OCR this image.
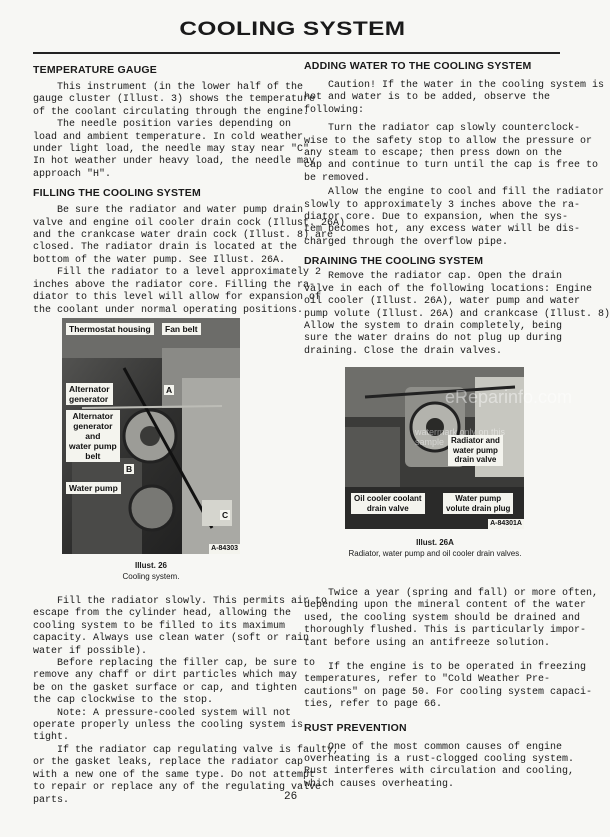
COOLING SYSTEM
TEMPERATURE GAUGE

This instrument (in the lower half of the
gauge cluster (Illust. 3) shows the temperature
of the coolant circulating through the engine.

The needle position varies depending on
load and ambient temperature. In cold weather
under light load, the needle may stay near "C".
In hot weather under heavy load, the needle may
approach "H".

FILLING THE COOLING SYSTEM

Be sure the radiator and water pump drain
valve and engine oil cooler drain cock (Illust. 26A)
and the crankcase water drain cock (Illust. 8) are
closed. The radiator drain is located at the
bottom of the water pump. See Illust. 26A.

Fill the radiator to a level approximately 2
inches above the radiator core. Filling the ra-
diator to this level will allow for expansion of
the coolant under normal operating positions.

Thermostat housing	Fan belt
Alternator
generator
Alternator
generator
and
water pump
belt
Water pump
A
B
C
A-84303
Illust. 26
Cooling system.

Fill the radiator slowly. This permits air to
escape from the cylinder head, allowing the
cooling system to be filled to its maximum
capacity. Always use clean water (soft or rain
water if possible).

Before replacing the filler cap, be sure to
remove any chaff or dirt particles which may
be on the gasket surface or cap, and tighten
the cap clockwise to the stop.

Note: A pressure-cooled system will not
operate properly unless the cooling system is
tight.

If the radiator cap regulating valve is faulty,
or the gasket leaks, replace the radiator cap
with a new one of the same type. Do not attempt
to repair or replace any of the regulating valve
parts.

ADDING WATER TO THE COOLING SYSTEM

Caution! If the water in the cooling system is
hot and water is to be added, observe the
following:

Turn the radiator cap slowly counterclock-
wise to the safety stop to allow the pressure or
any steam to escape; then press down on the
cap and continue to turn until the cap is free to
be removed.

Allow the engine to cool and fill the radiator
slowly to approximately 3 inches above the ra-
diator core. Due to expansion, when the sys-
tem becomes hot, any excess water will be dis-
charged through the overflow pipe.

DRAINING THE COOLING SYSTEM

Remove the radiator cap. Open the drain
valve in each of the following locations: Engine
oil cooler (Illust. 26A), water pump and water
pump volute (Illust. 26A) and crankcase (Illust. 8)
Allow the system to drain completely, being
sure the water drains do not plug up during
draining. Close the drain valves.

Radiator and
water pump
drain valve
Oil cooler coolant
drain valve
Water pump
volute drain plug
A-84301A
eReparinfo.com
watermark only on this sample
Illust. 26A
Radiator, water pump and oil cooler drain valves.

Twice a year (spring and fall) or more often,
depending upon the mineral content of the water
used, the cooling system should be drained and
thoroughly flushed. This is particularly impor-
tant before using an antifreeze solution.

If the engine is to be operated in freezing
temperatures, refer to "Cold Weather Pre-
cautions" on page 50. For cooling system capaci-
ties, refer to page 66.

RUST PREVENTION

One of the most common causes of engine
overheating is a rust-clogged cooling system.
Rust interferes with circulation and cooling,
which causes overheating.

26
